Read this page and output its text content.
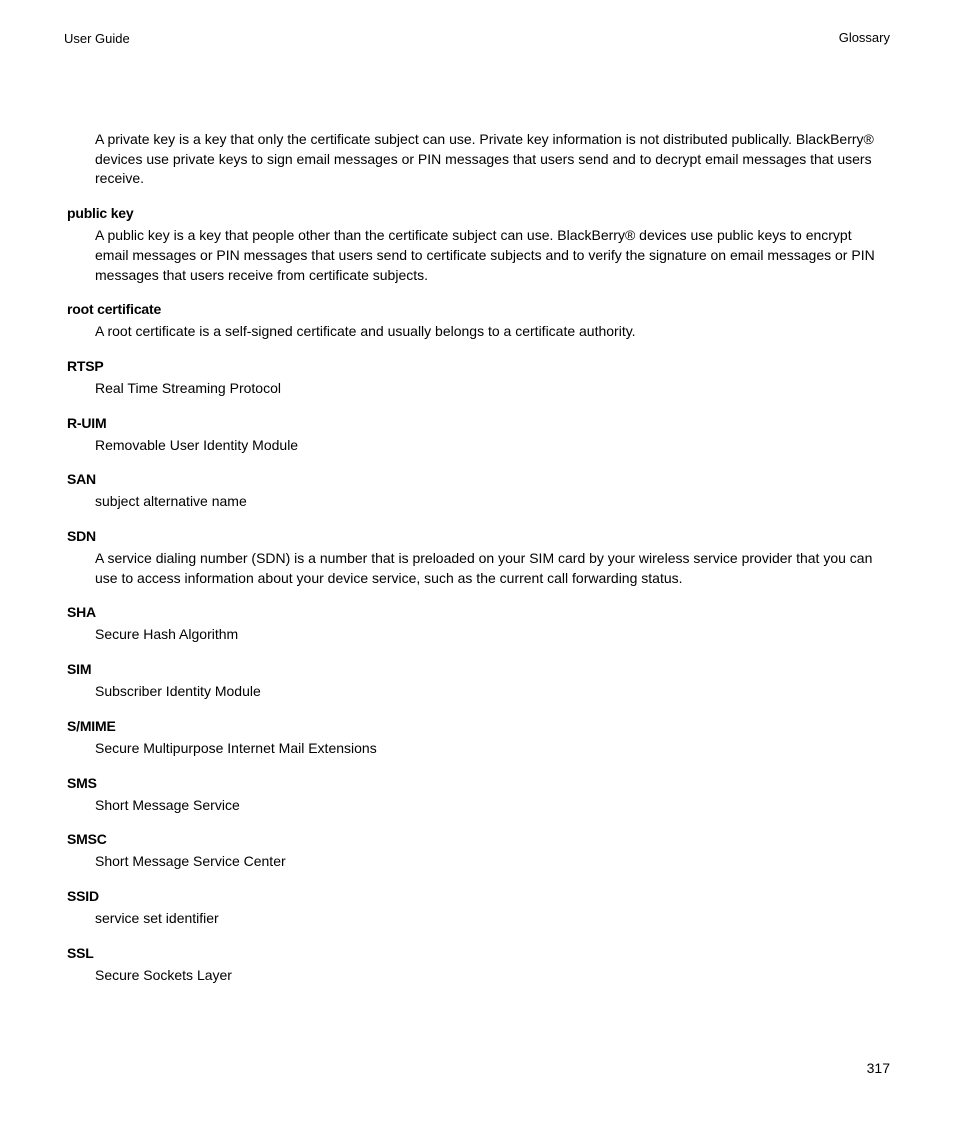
User Guide	Glossary
A private key is a key that only the certificate subject can use. Private key information is not distributed publically. BlackBerry® devices use private keys to sign email messages or PIN messages that users send and to decrypt email messages that users receive.
public key
A public key is a key that people other than the certificate subject can use. BlackBerry® devices use public keys to encrypt email messages or PIN messages that users send to certificate subjects and to verify the signature on email messages or PIN messages that users receive from certificate subjects.
root certificate
A root certificate is a self-signed certificate and usually belongs to a certificate authority.
RTSP
Real Time Streaming Protocol
R-UIM
Removable User Identity Module
SAN
subject alternative name
SDN
A service dialing number (SDN) is a number that is preloaded on your SIM card by your wireless service provider that you can use to access information about your device service, such as the current call forwarding status.
SHA
Secure Hash Algorithm
SIM
Subscriber Identity Module
S/MIME
Secure Multipurpose Internet Mail Extensions
SMS
Short Message Service
SMSC
Short Message Service Center
SSID
service set identifier
SSL
Secure Sockets Layer
317
